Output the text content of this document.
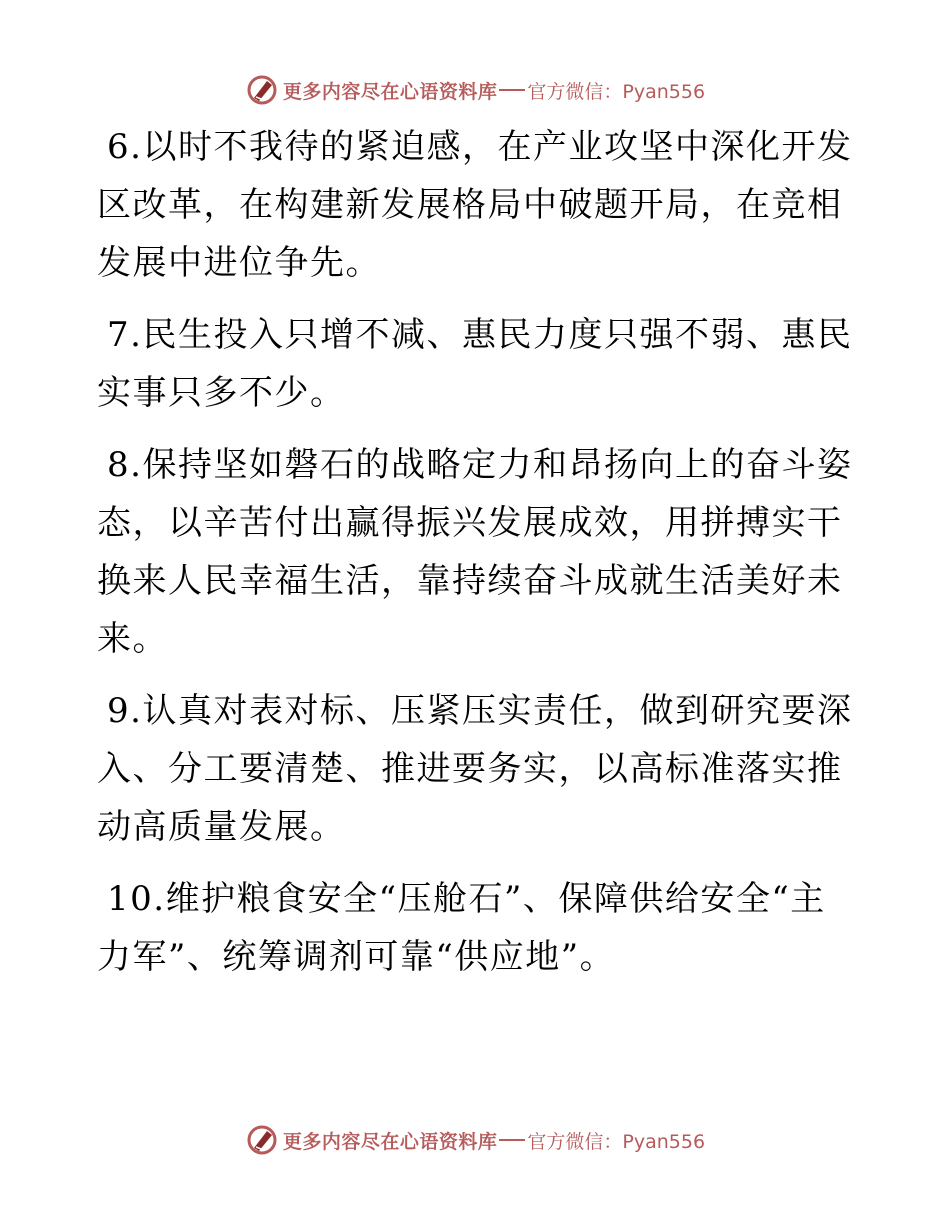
更多内容尽在心语资料库 官方微信：Pyan556

6.以时不我待的紧迫感，在产业攻坚中深化开发区改革，在构建新发展格局中破题开局，在竞相发展中进位争先。

7.民生投入只增不减、惠民力度只强不弱、惠民实事只多不少。

8.保持坚如磐石的战略定力和昂扬向上的奋斗姿态，以辛苦付出赢得振兴发展成效，用拼搏实干换来人民幸福生活，靠持续奋斗成就生活美好未来。

9.认真对表对标、压紧压实责任，做到研究要深入、分工要清楚、推进要务实，以高标准落实推动高质量发展。

10.维护粮食安全“压舱石”、保障供给安全“主力军”、统筹调剂可靠“供应地”。

更多内容尽在心语资料库 官方微信：Pyan556
